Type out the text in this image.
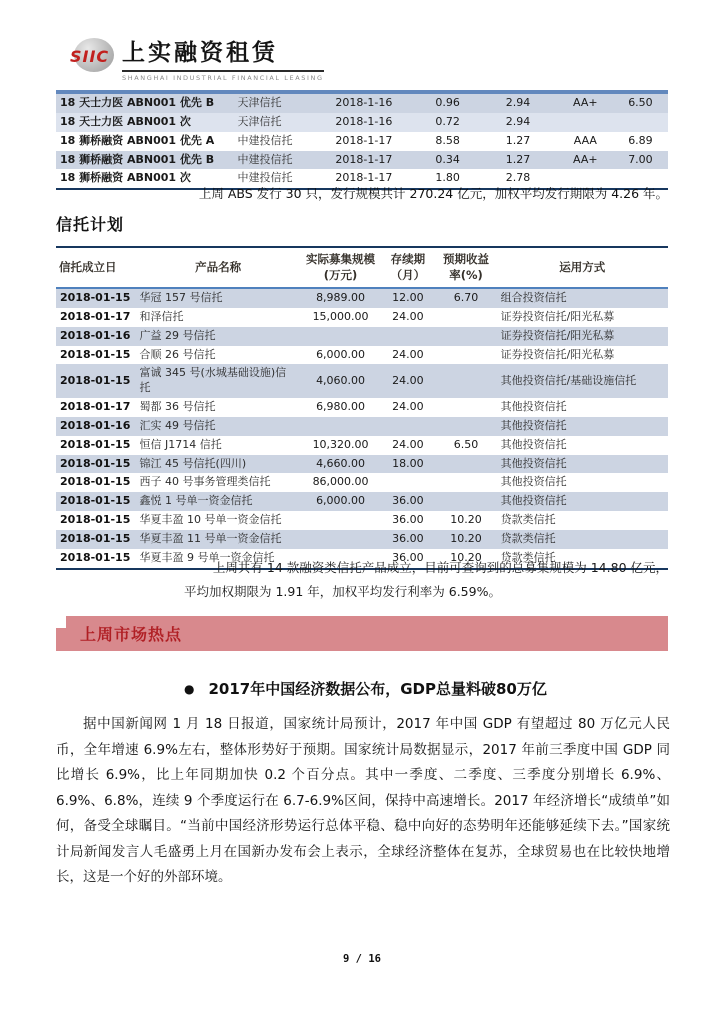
SIIC 上实融资租赁
SHANGHAI INDUSTRIAL FINANCIAL LEASING
18 天士力医 ABN001 优先 B	天津信托	2018-1-16	0.96	2.94	AA+	6.50
18 天士力医 ABN001 次	天津信托	2018-1-16	0.72	2.94		
18 狮桥融资 ABN001 优先 A	中建投信托	2018-1-17	8.58	1.27	AAA	6.89
18 狮桥融资 ABN001 优先 B	中建投信托	2018-1-17	0.34	1.27	AA+	7.00
18 狮桥融资 ABN001 次	中建投信托	2018-1-17	1.80	2.78		

上周 ABS 发行 30 只，发行规模共计 270.24 亿元，加权平均发行期限为 4.26 年。

信托计划
信托成立日	产品名称	实际募集规模(万元)	存续期（月）	预期收益率(%)	运用方式
2018-01-15	华冠 157 号信托	8,989.00	12.00	6.70	组合投资信托
2018-01-17	和泽信托	15,000.00	24.00		证券投资信托/阳光私募
2018-01-16	广益 29 号信托				证券投资信托/阳光私募
2018-01-15	合顺 26 号信托	6,000.00	24.00		证券投资信托/阳光私募
2018-01-15	富诚 345 号(水城基础设施)信托	4,060.00	24.00		其他投资信托/基础设施信托
2018-01-17	蜀都 36 号信托	6,980.00	24.00		其他投资信托
2018-01-16	汇实 49 号信托				其他投资信托
2018-01-15	恒信 J1714 信托	10,320.00	24.00	6.50	其他投资信托
2018-01-15	锦江 45 号信托(四川)	4,660.00	18.00		其他投资信托
2018-01-15	西子 40 号事务管理类信托	86,000.00			其他投资信托
2018-01-15	鑫悦 1 号单一资金信托	6,000.00	36.00		其他投资信托
2018-01-15	华夏丰盈 10 号单一资金信托		36.00	10.20	贷款类信托
2018-01-15	华夏丰盈 11 号单一资金信托		36.00	10.20	贷款类信托
2018-01-15	华夏丰盈 9 号单一资金信托		36.00	10.20	贷款类信托

上周共有 14 款融资类信托产品成立，目前可查询到的总募集规模为 14.80 亿元，

平均加权期限为 1.91 年，加权平均发行利率为 6.59%。

上周市场热点
● 2017年中国经济数据公布，GDP总量料破80万亿

据中国新闻网 1 月 18 日报道，国家统计局预计，2017 年中国 GDP 有望超过 80 万亿元人民币，全年增速 6.9%左右，整体形势好于预期。国家统计局数据显示，2017 年前三季度中国 GDP 同比增长 6.9%，比上年同期加快 0.2 个百分点。其中一季度、二季度、三季度分别增长 6.9%、6.9%、6.8%，连续 9 个季度运行在 6.7-6.9%区间，保持中高速增长。2017 年经济增长“成绩单”如何，备受全球瞩目。“当前中国经济形势运行总体平稳、稳中向好的态势明年还能够延续下去。”国家统计局新闻发言人毛盛勇上月在国新办发布会上表示，全球经济整体在复苏，全球贸易也在比较快地增长，这是一个好的外部环境。

9 / 16
